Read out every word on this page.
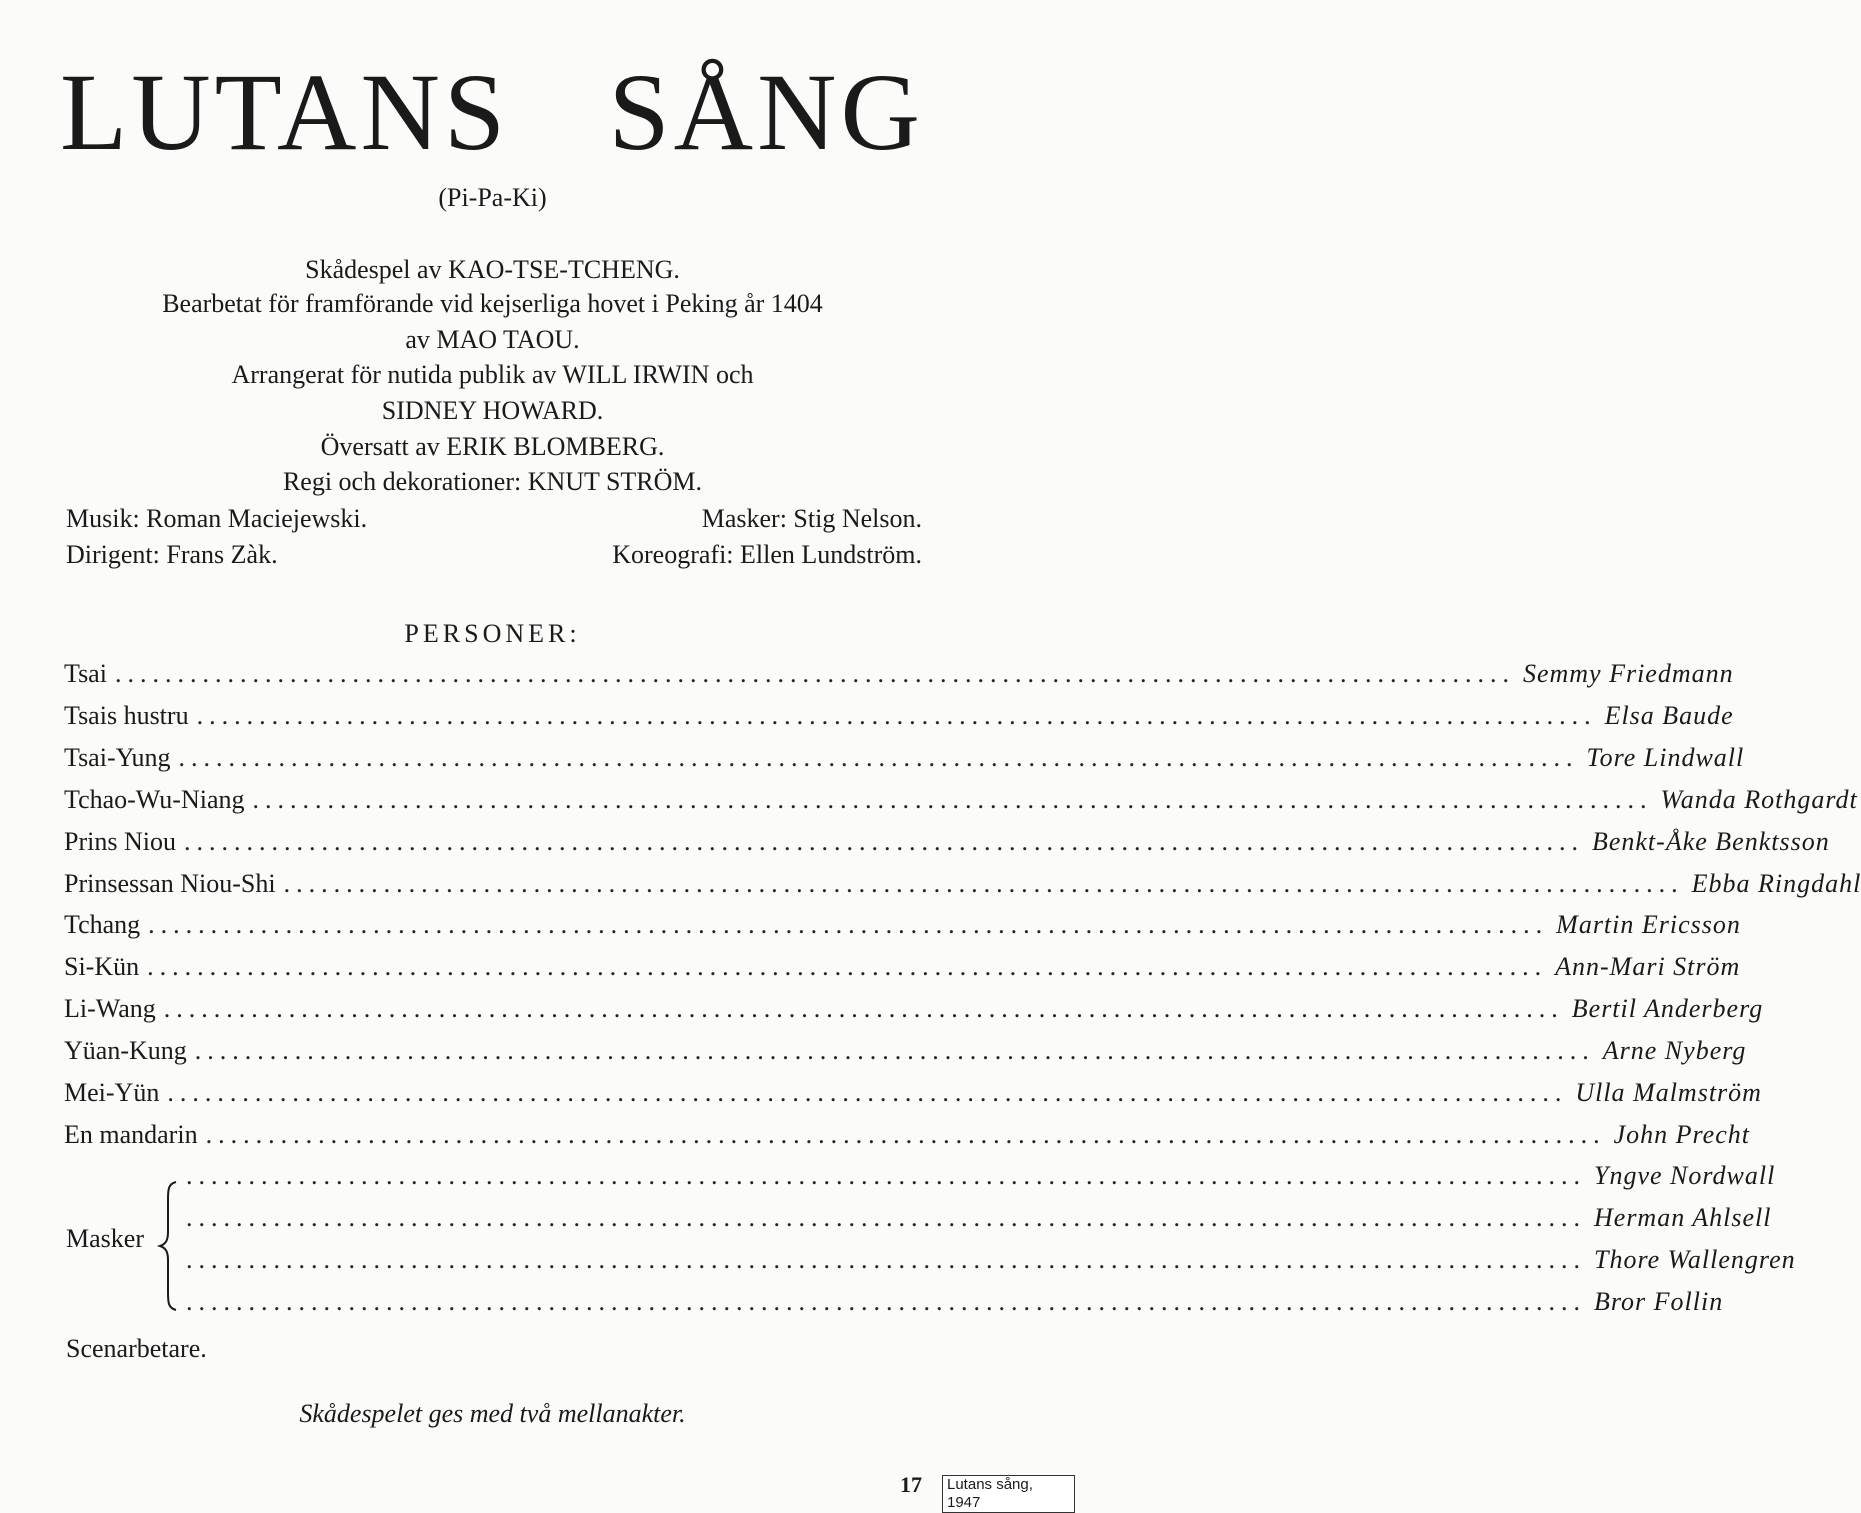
LUTANS SÅNG
(Pi-Pa-Ki)
Skådespel av KAO-TSE-TCHENG.
Bearbetat för framförande vid kejserliga hovet i Peking år 1404
av MAO TAOU.
Arrangerat för nutida publik av WILL IRWIN och
SIDNEY HOWARD.
Översatt av ERIK BLOMBERG.
Regi och dekorationer: KNUT STRÖM.
Musik: Roman Maciejewski.	Masker: Stig Nelson.
Dirigent: Frans Zàk.	Koreografi: Ellen Lundström.
PERSONER:
Tsai ................................................................................................................ Semmy Friedmann
Tsais hustru ................................................................................................................ Elsa Baude
Tsai-Yung ................................................................................................................ Tore Lindwall
Tchao-Wu-Niang ................................................................................................................ Wanda Rothgardt
Prins Niou ................................................................................................................ Benkt-Åke Benktsson
Prinsessan Niou-Shi ................................................................................................................ Ebba Ringdahl
Tchang ................................................................................................................ Martin Ericsson
Si-Kün ................................................................................................................ Ann-Mari Ström
Li-Wang ................................................................................................................ Bertil Anderberg
Yüan-Kung ................................................................................................................ Arne Nyberg
Mei-Yün ................................................................................................................ Ulla Malmström
En mandarin ................................................................................................................ John Precht
Masker
................................................................................................................ Yngve Nordwall
................................................................................................................ Herman Ahlsell
................................................................................................................ Thore Wallengren
................................................................................................................ Bror Follin
Scenarbetare.
Skådespelet ges med två mellanakter.
17	Lutans sång, 1947
